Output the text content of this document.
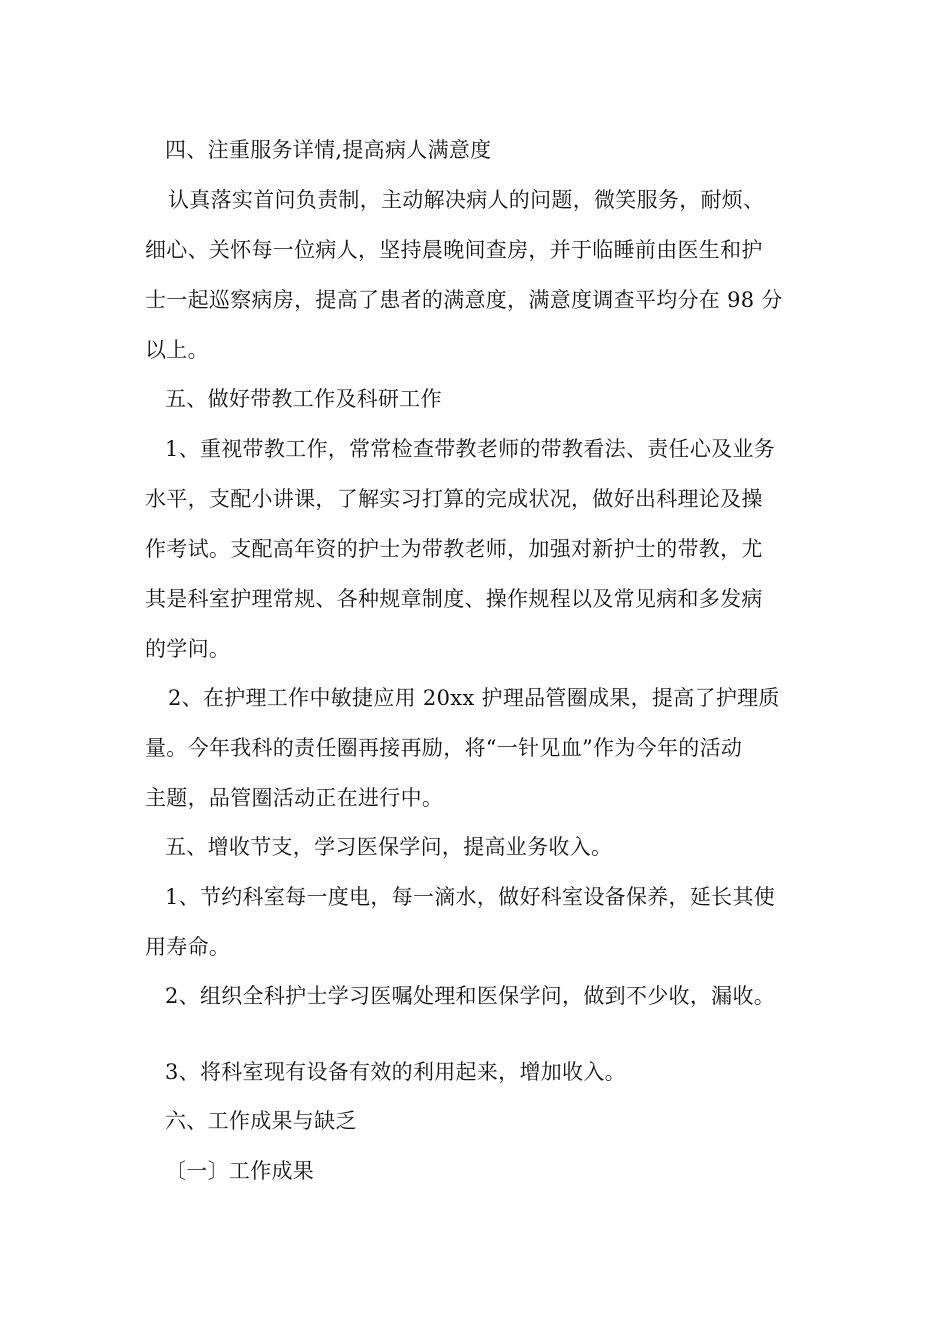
四、注重服务详情,提高病人满意度
认真落实首问负责制，主动解决病人的问题，微笑服务，耐烦、
细心、关怀每一位病人，坚持晨晚间查房，并于临睡前由医生和护
士一起巡察病房，提高了患者的满意度，满意度调查平均分在 98 分
以上。
五、做好带教工作及科研工作
1、重视带教工作，常常检查带教老师的带教看法、责任心及业务
水平，支配小讲课，了解实习打算的完成状况，做好出科理论及操
作考试。支配高年资的护士为带教老师，加强对新护士的带教，尤
其是科室护理常规、各种规章制度、操作规程以及常见病和多发病
的学问。
2、在护理工作中敏捷应用 20xx 护理品管圈成果，提高了护理质
量。今年我科的责任圈再接再励，将“一针见血”作为今年的活动
主题，品管圈活动正在进行中。
五、增收节支，学习医保学问，提高业务收入。
1、节约科室每一度电，每一滴水，做好科室设备保养，延长其使
用寿命。
2、组织全科护士学习医嘱处理和医保学问，做到不少收，漏收。
3、将科室现有设备有效的利用起来，增加收入。
六、工作成果与缺乏
〔一〕工作成果
